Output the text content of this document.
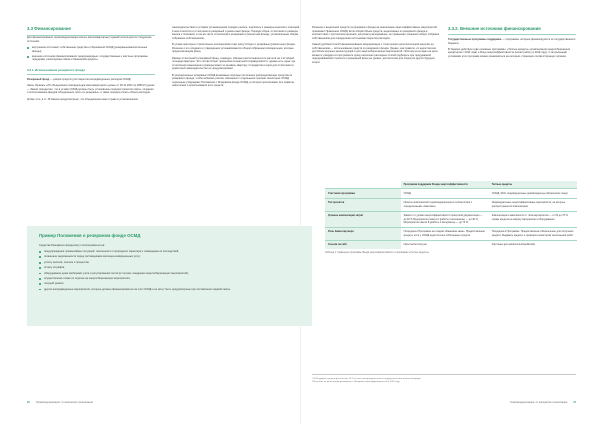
3.3 Финансирование

Для финансирования термомодернизации жилых (многоквартирных) зданий используются следующие источники:

внутренние источники: собственные средства и сбережения ОСМД (резервные/накопительные фонды);
внешние источники финансирования: международные, государственные и местные программы поддержки, реализуемые банки и банковские кредиты.
3.3.1. Использование резервного фонда

Резервный фонд — резерв средств для покрытия непредвиденных расходов ОСМД.

Закон Украины «Об объединении совладельцев многоквартирного дома» от 29.11.2001 № 2866-III (далее — Закон) определяет, что в уставе ОСМД должны быть установлены порядок принятия сметы, создания и использования фондов объединения, всех его резервных, а также порядок оплаты общих расходов.

Кроме того, в ст. 16 Закона предусмотрено, что объединение имеет право в установленном

законодательством и уставом установленном порядке решать, подписать и размеры взносов и платежей. К ним относятся и отчисления в резервный и ремонтный фонды. Порядок сбора, отчисления и размеры взноса и платежей, а так же части отчислений в резервный и ремонтный фонды, установленные общим собранием собственников.

В уставе некоторых строительных кооперативов тоже присутствуют и резервные (ремонтные) фонды. Решение о его создании и утверждение устанавливаются общим собранием совладельцев, которые предполагающим фонд.

Размер отчислений в резервный фонд, очевидно, обязано рассчитываться из расчета на 1 м² общей площади квартиры. Это соответствует принципам социальной справедливости, однако есть одна: где отчисления повышенного размера может не вызвать квартиру. Стандартов и норм для отчисления в ремонтный законодательство не предусматривает.

В упорядоченных резервных ОСМД возможные подходы постепенно распределяющие средства из резервного фонда, чтобы избежать рисков, связанных с отдельными тратами. Некоторые ОСМД отдельным утверждают Положение о Резервном фонде ОСМД, в котором прописывают все правила накопления и использования этих средств.

Пример Положения о резервном фонде ОСМД

Средства Резервного фонда могут использоваться на:

предупреждение чрезвычайных ситуаций, техногенного и природного характера и ликвидацию их последствий;
погашение задолженности перед поставщиками жилищно-коммунальных услуг;
уплату налогов, пошлин и процентов;
оплату штрафов;
оборудование дома приборами учета и регулирования тепла (в случаях, внедрении энергосберегающих мероприятий);
осуществление плана по отделке на энергосберегающие мероприятия;
текущий ремонт;
другие непредвиденные мероприятия, которые должны финансироваться за счет ОСМД и не могут быть предусмотрены при составлении годовой сметы.
20 Термомодернизация: от инициатив к реализации

Решение о выделении средств из резервного фонда на реализацию энергоэффективных мероприятий принимает Правление ОСМД. Если общий объем средств, выделяемых из резервного фонда в соответствии с протоколом решения, допускает расходование, не превышает снижения общих собрания собственников для определения источников покрытия расходов.

Самый удобный способ финансирования модернизации с точки зрения дополнительной нагрузки на собственников — использование средств из резервного фонда. Однако, как правило, их недостаточно для более крупных реконструкций и для энергосберегающих мероприятий. Поэтому на сегодня на деле можно в утвердиться при ремонте сразу несколько расходных статей подбирать при продуманной поддерживаемой стратегии и резервный фонд на уровне, достаточном для покрытия других будущих затрат.

3.3.2. Внешние источники финансирования

Государственные программы поддержки — программы, которые финансируются из государственного бюджета.

В Украине действуют две основные программы: «Теплые кредиты» (компенсация энергосбережения кредиторов с 2014 года) и Фонд энергоэффективности (начал работу в 2019 году). С актуальными условиями этих программ можно ознакомиться на интернет-страницах соответствующих органов.

	Программа поддержки Фонда энергоэффективности	Теплые кредиты
Участники программы	ОСМД	ОСМД, ЖСК, индивидуальные домовладельцы (физические лица)
Тип проектов	Проекты комплексной термомодернизации в соответствии с определенными «пакетами»	Индивидуальные энергоэффективные мероприятия, на которые распространяется компенсация
Уровень компенсации затрат	Зависит от уровня энергоэффективности проектной документации — до 40 % Мероприятия пакета А (работы и материалы) — до 40 %; Мероприятия пакета Б (работы и материалы) — до 70 %.	Компенсация в зависимости от типа мероприятия — от 20 до 70 % суммы кредита на закупку материалов и оборудования
Роль банка-партнера	Посредник в Программе на стадиях «Банковая заем». Предоставление кредита, если у ОСМД недостаточно собственных средств	Посредник в Программе. Предоставление обязательное для получения кредита. Выдавать кредиты и проводить мониторинг выполнения работ
Ссылка на сайт	https://eefund.org.ua/	http://saee.gov.ua/uk/content/teplikredity
Таблица 1. Сравнение программы Фонда энергоэффективности и программы «Теплые кредиты»

¹ 2014 уровень средств для частных 10 % за счет; вклад выделенный к государственный в ипотечный кредит.

² Вся работ по регистрации реализуются «Фондами энергоэффективности» в 2019 году.

Термомодернизация: от инициатив к реализации 21
